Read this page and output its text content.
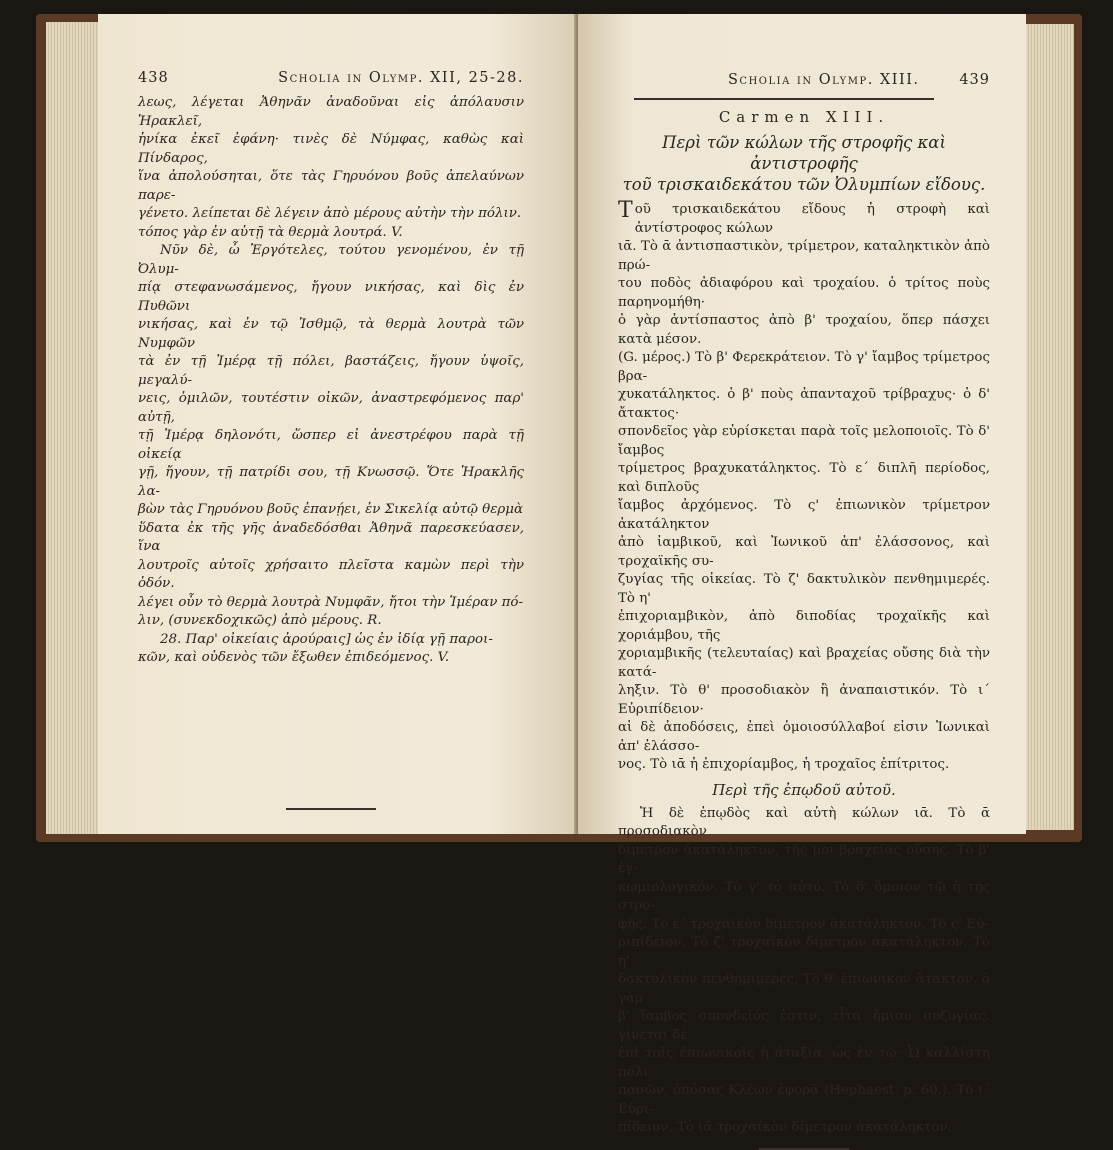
438	Scholia in Olymp. XII, 25-28.

λεως, λέγεται Ἀθηνᾶν ἀναδοῦναι εἰς ἀπόλαυσιν Ἡρακλεῖ,

ἡνίκα ἐκεῖ ἐφάνη· τινὲς δὲ Νύμφας, καθὼς καὶ Πίνδαρος,

ἵνα ἀπολούσηται, ὅτε τὰς Γηρυόνου βοῦς ἀπελαύνων παρε-

γένετο. λείπεται δὲ λέγειν ἀπὸ μέρους αὐτὴν τὴν πόλιν.

τόπος γὰρ ἐν αὐτῇ τὰ θερμὰ λουτρά. V.

Νῦν δὲ, ὦ Ἐργότελες, τούτου γενομένου, ἐν τῇ Ὀλυμ-

πίᾳ στεφανωσάμενος, ἤγουν νικήσας, καὶ δὶς ἐν Πυθῶνι

νικήσας, καὶ ἐν τῷ Ἰσθμῷ, τὰ θερμὰ λουτρὰ τῶν Νυμφῶν

τὰ ἐν τῇ Ἱμέρᾳ τῇ πόλει, βαστάζεις, ἤγουν ὑψοῖς, μεγαλύ-

νεις, ὁμιλῶν, τουτέστιν οἰκῶν, ἀναστρεφόμενος παρ' αὐτῇ,

τῇ Ἱμέρᾳ δηλονότι, ὥσπερ εἰ ἀνεστρέφου παρὰ τῇ οἰκείᾳ

γῇ, ἤγουν, τῇ πατρίδι σου, τῇ Κνωσσῷ. Ὅτε Ἡρακλῆς λα-

βὼν τὰς Γηρυόνου βοῦς ἐπανῄει, ἐν Σικελίᾳ αὐτῷ θερμὰ

ὕδατα ἐκ τῆς γῆς ἀναδεδόσθαι Ἀθηνᾶ παρεσκεύασεν, ἵνα

λουτροῖς αὐτοῖς χρήσαιτο πλεῖστα καμὼν περὶ τὴν ὁδόν.

λέγει οὖν τὸ θερμὰ λουτρὰ Νυμφᾶν, ἤτοι τὴν Ἱμέραν πό-

λιν, (συνεκδοχικῶς) ἀπὸ μέρους. R.

28. Παρ' οἰκείαις ἀρούραις] ὡς ἐν ἰδίᾳ γῇ παροι-

κῶν, καὶ οὐδενὸς τῶν ἔξωθεν ἐπιδεόμενος. V.

Scholia in Olymp. XIII.	439
Carmen XIII.
Περὶ τῶν κώλων τῆς στροφῆς καὶ ἀντιστροφῆς
τοῦ τρισκαιδεκάτου τῶν Ὀλυμπίων εἴδους.

Τοῦ τρισκαιδεκάτου εἴδους ἡ στροφὴ καὶ ἀντίστροφος κώλων

ιᾱ. Τὸ ᾱ ἀντισπαστικὸν, τρίμετρον, καταληκτικὸν ἀπὸ πρώ-

του ποδὸς ἀδιαφόρου καὶ τροχαίου. ὁ τρίτος ποὺς παρηνομήθη·

ὁ γὰρ ἀντίσπαστος ἀπὸ β' τροχαίου, ὅπερ πάσχει κατὰ μέσον.

(G. μέρος.) Τὸ β' Φερεκράτειον. Τὸ γ' ἴαμβος τρίμετρος βρα-

χυκατάληκτος. ὁ β' ποὺς ἀπανταχοῦ τρίβραχυς· ὁ δ' ἄτακτος·

σπονδεῖος γὰρ εὑρίσκεται παρὰ τοῖς μελοποιοῖς. Τὸ δ' ἴαμβος

τρίμετρος βραχυκατάληκτος. Τὸ ε΄ διπλῆ περίοδος, καὶ διπλοῦς

ἴαμβος ἀρχόμενος. Τὸ ς' ἐπιωνικὸν τρίμετρον ἀκατάληκτον

ἀπὸ ἰαμβικοῦ, καὶ Ἰωνικοῦ ἀπ' ἐλάσσονος, καὶ τροχαϊκῆς συ-

ζυγίας τῆς οἰκείας. Τὸ ζ' δακτυλικὸν πενθημιμερές. Τὸ η'

ἐπιχοριαμβικὸν, ἀπὸ διποδίας τροχαϊκῆς καὶ χοριάμβου, τῆς

χοριαμβικῆς (τελευταίας) καὶ βραχείας οὔσης διὰ τὴν κατά-

ληξιν. Τὸ θ' προσοδιακὸν ἢ ἀναπαιστικόν. Τὸ ι΄ Εὐριπίδειον·

αἱ δὲ ἀποδόσεις, ἐπεὶ ὁμοιοσύλλαβοί εἰσιν Ἰωνικαὶ ἀπ' ἐλάσσο-

νος. Τὸ ιᾱ ἡ ἐπιχορίαμβος, ἡ τροχαῖος ἐπίτριτος.

Περὶ τῆς ἐπῳδοῦ αὐτοῦ.

Ἡ δὲ ἐπῳδὸς καὶ αὐτὴ κώλων ιᾱ. Τὸ ᾱ προσοδιακὸν

δίμετρον ἀκατάληκτον, τῆς μοι βραχείας οὔσης. Τὸ β' ἐγ-

κωμιολογικόν. Τὸ γ' τὸ αὐτό. Τὸ δ' ὅμοιον τῷ ἡ τῆς στρο-

φῆς. Τὸ ε΄ τροχαϊκὸν δίμετρον ἀκατάληκτον. Τὸ ς' Εὐ-

ριπίδειον. Τὸ ζ' τροχαϊκὸν δίμετρον ἀκατάληκτον. Τὸ η'

δακτυλικὸν πενθημιμερές. Τὸ θ' ἐπιωνικὸν ἄτακτον. ὁ γὰρ

β' ἴαμβος σπονδεῖός ἐστιν, εἶτα ἥμισυ συζυγίας. γίνεται δὲ

ἐπὶ τοῖς ἐπιωνικοῖς ἡ ἀταξία, ὡς ἐν τῷ· Ὦ καλλίστη πόλι

πασῶν, ὁπόσας Κλέων ἐφορᾷ (Hephaest. p. 60.). Τὸ ι΄ Εὐρι-

πίδειον. Τὸ ιᾱ τροχαϊκὸν δίμετρον ἀκατάληκτον.
